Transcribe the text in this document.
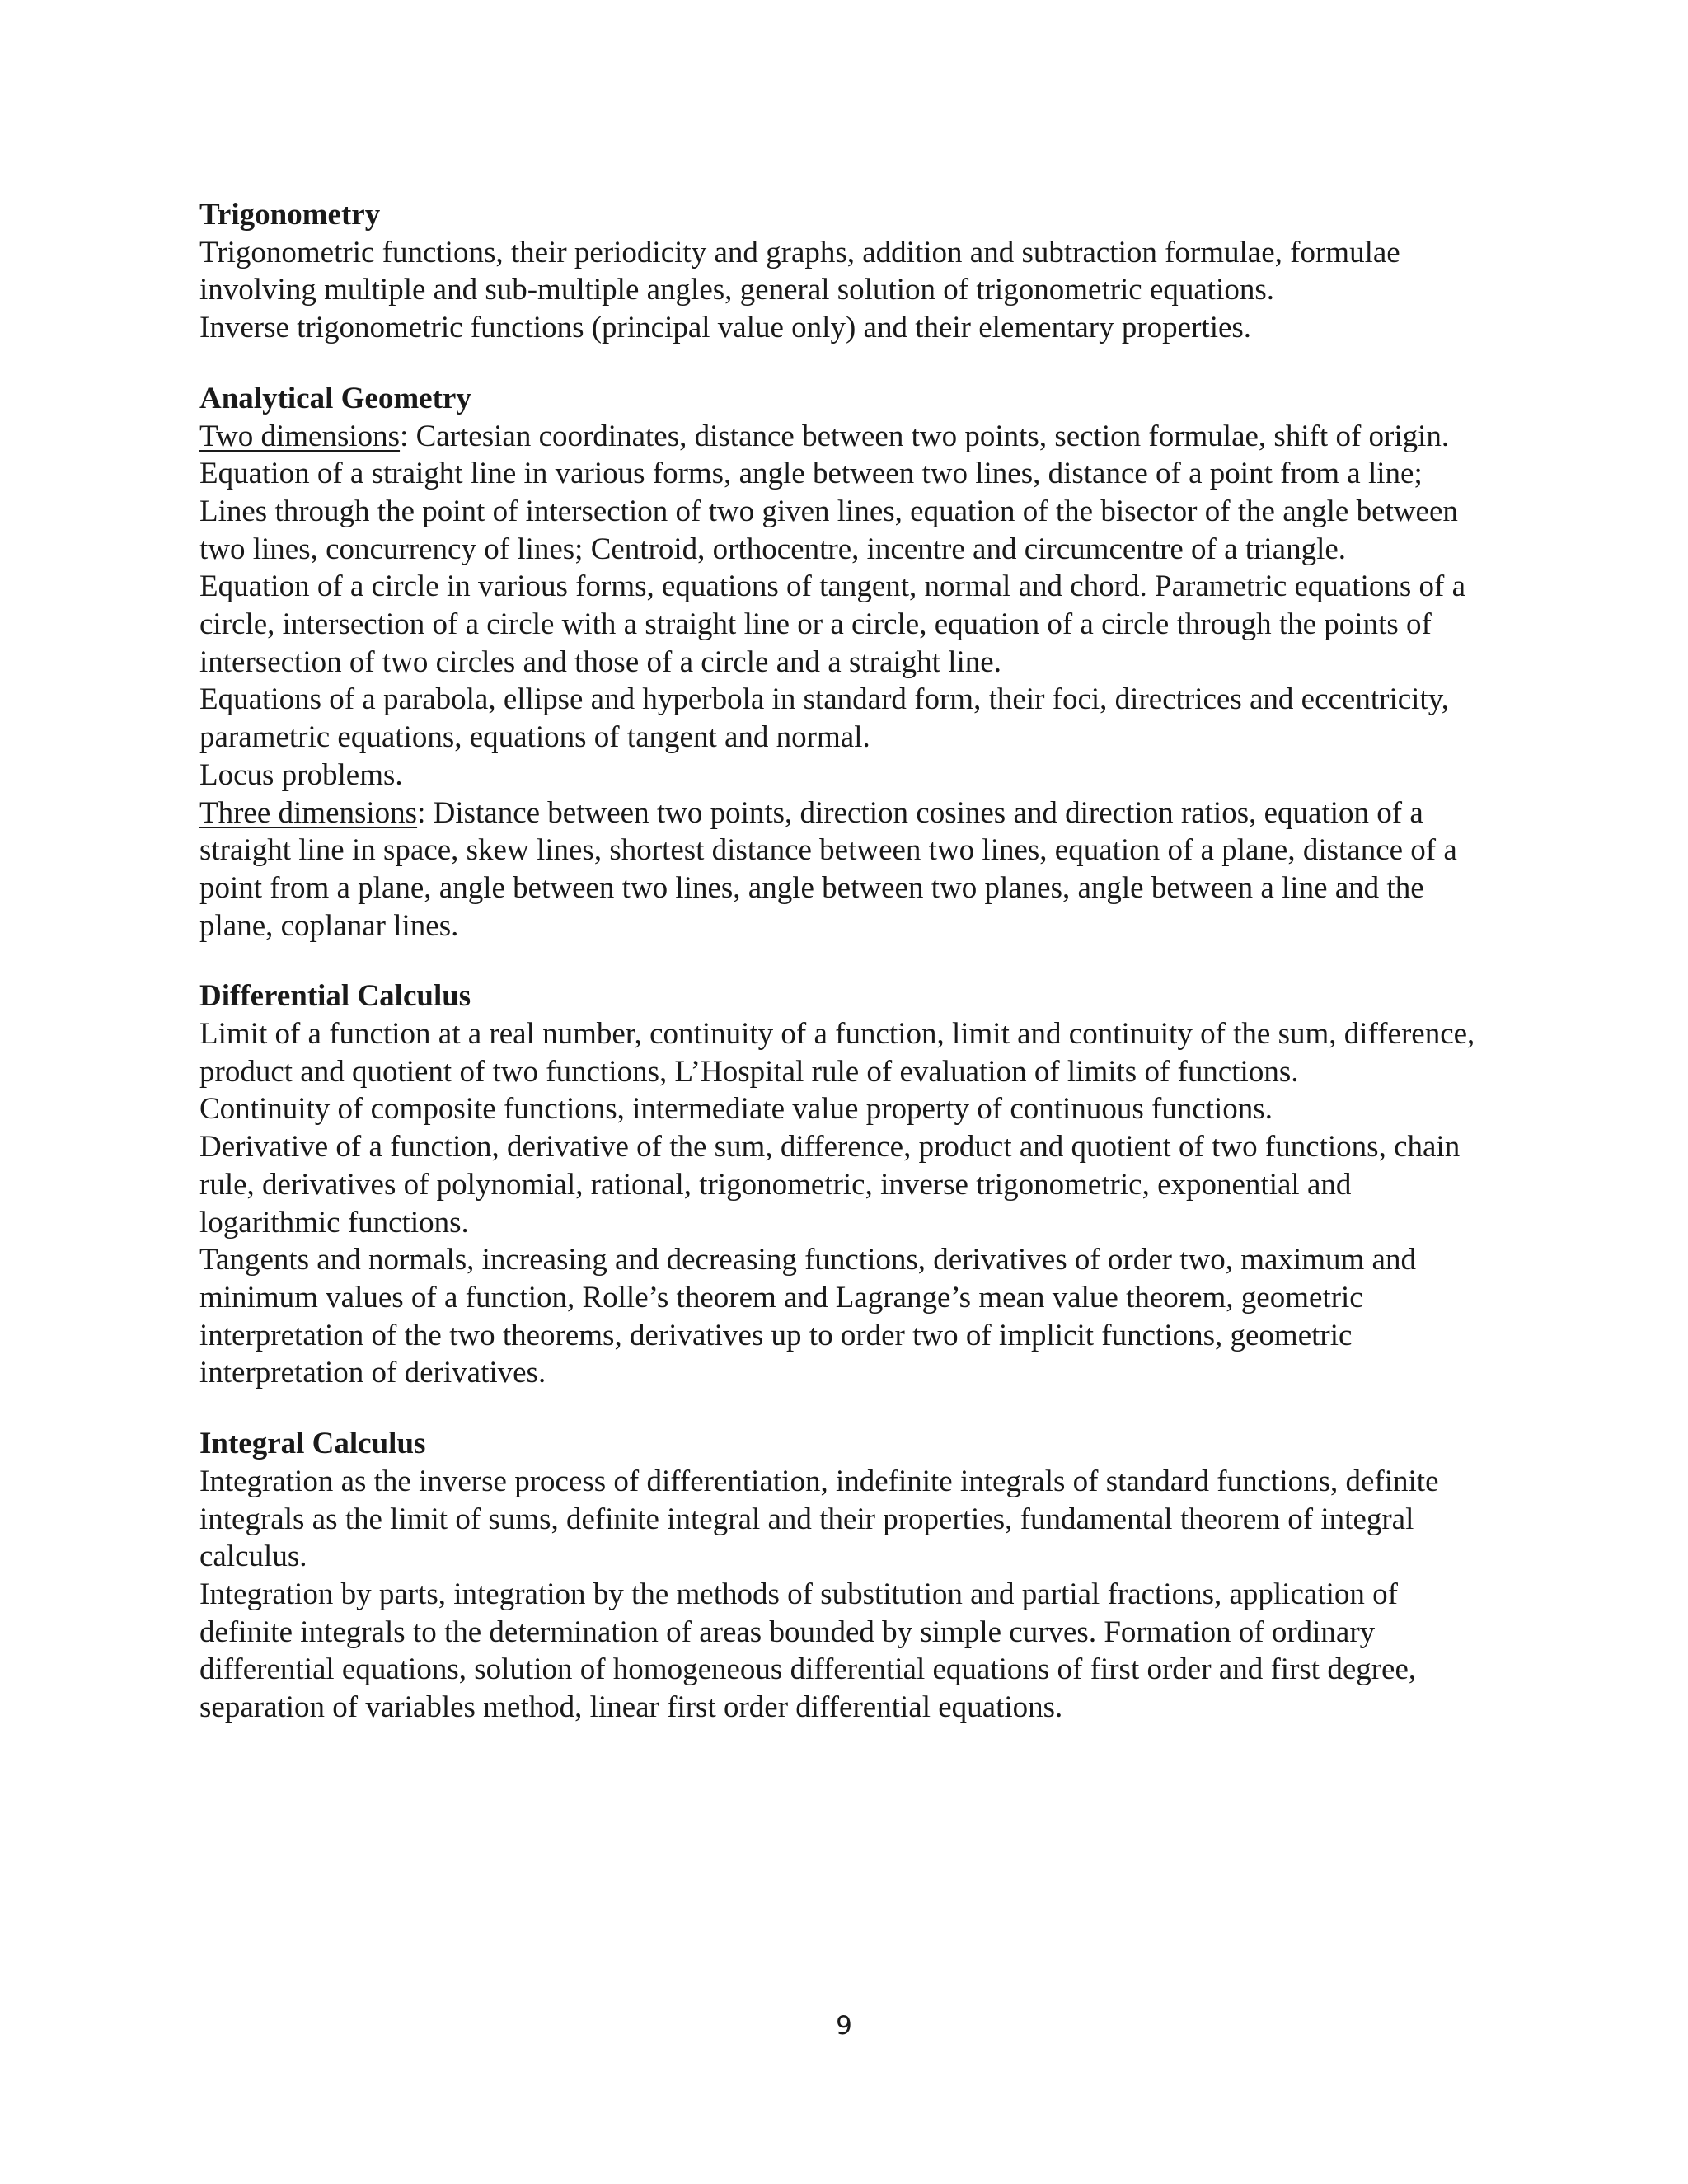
Trigonometry

Trigonometric functions, their periodicity and graphs, addition and subtraction formulae, formulae involving multiple and sub-multiple angles, general solution of trigonometric equations.

Inverse trigonometric functions (principal value only) and their elementary properties.

Analytical Geometry

Two dimensions: Cartesian coordinates, distance between two points, section formulae, shift of origin.

Equation of a straight line in various forms, angle between two lines, distance of a point from a line; Lines through the point of intersection of two given lines, equation of the bisector of the angle between two lines, concurrency of lines; Centroid, orthocentre, incentre and circumcentre of a triangle.

Equation of a circle in various forms, equations of tangent, normal and chord. Parametric equations of a circle, intersection of a circle with a straight line or a circle, equation of a circle through the points of intersection of two circles and those of a circle and a straight line.

Equations of a parabola, ellipse and hyperbola in standard form, their foci, directrices and eccentricity, parametric equations, equations of tangent and normal.

Locus problems.

Three dimensions: Distance between two points, direction cosines and direction ratios, equation of a straight line in space, skew lines, shortest distance between two lines, equation of a plane, distance of a point from a plane, angle between two lines, angle between two planes, angle between a line and the plane, coplanar lines.

Differential Calculus

Limit of a function at a real number, continuity of a function, limit and continuity of the sum, difference, product and quotient of two functions, L’Hospital rule of evaluation of limits of functions.

Continuity of composite functions, intermediate value property of continuous functions.

Derivative of a function, derivative of the sum, difference, product and quotient of two functions, chain rule, derivatives of polynomial, rational, trigonometric, inverse trigonometric, exponential and logarithmic functions.

Tangents and normals, increasing and decreasing functions, derivatives of order two, maximum and minimum values of a function, Rolle’s theorem and Lagrange’s mean value theorem, geometric interpretation of the two theorems, derivatives up to order two of implicit functions, geometric interpretation of derivatives.

Integral Calculus

Integration as the inverse process of differentiation, indefinite integrals of standard functions, definite integrals as the limit of sums, definite integral and their properties, fundamental theorem of integral calculus.

Integration by parts, integration by the methods of substitution and partial fractions, application of definite integrals to the determination of areas bounded by simple curves. Formation of ordinary differential equations, solution of homogeneous differential equations of first order and first degree, separation of variables method, linear first order differential equations.

9
